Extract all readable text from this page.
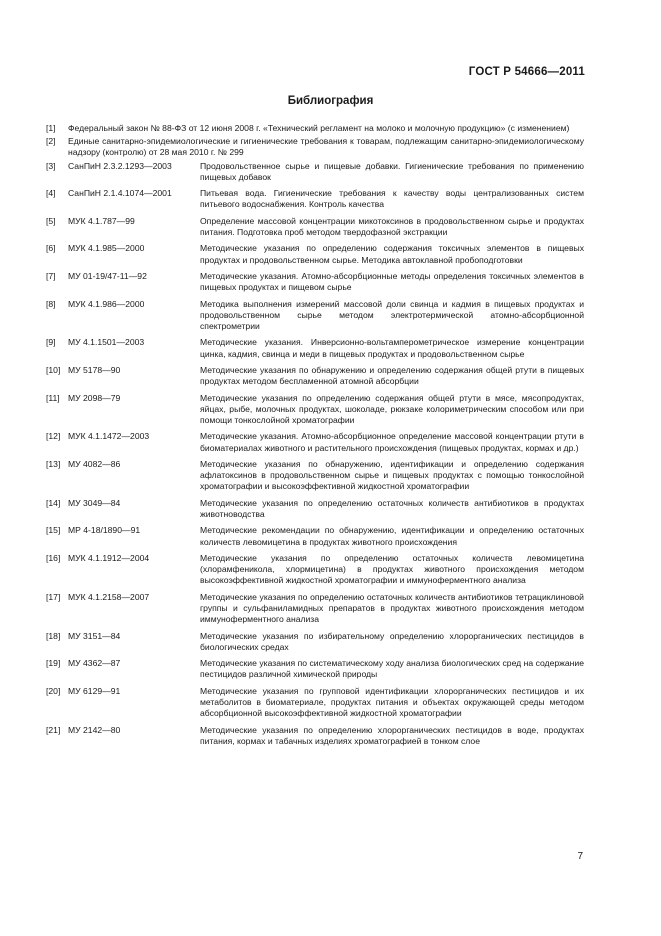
ГОСТ Р 54666—2011
Библиография
[1]	Федеральный закон № 88-ФЗ от 12 июня 2008 г. «Технический регламент на молоко и молочную продукцию» (с изменением)
[2]	Единые санитарно-эпидемиологические и гигиенические требования к товарам, подлежащим санитарно-эпидемиологическому надзору (контролю) от 28 мая 2010 г. № 299
[3]	СанПиН 2.3.2.1293—2003	Продовольственное сырье и пищевые добавки. Гигиенические требования по применению пищевых добавок
[4]	СанПиН 2.1.4.1074—2001	Питьевая вода. Гигиенические требования к качеству воды централизованных систем питьевого водоснабжения. Контроль качества
[5]	МУК 4.1.787—99	Определение массовой концентрации микотоксинов в продовольственном сырье и продуктах питания. Подготовка проб методом твердофазной экстракции
[6]	МУК 4.1.985—2000	Методические указания по определению содержания токсичных элементов в пищевых продуктах и продовольственном сырье. Методика автоклавной пробоподготовки
[7]	МУ 01-19/47-11—92	Методические указания. Атомно-абсорбционные методы определения токсичных элементов в пищевых продуктах и пищевом сырье
[8]	МУК 4.1.986—2000	Методика выполнения измерений массовой доли свинца и кадмия в пищевых продуктах и продовольственном сырье методом электротермической атомно-абсорбционной спектрометрии
[9]	МУ 4.1.1501—2003	Методические указания. Инверсионно-вольтамперометрическое измерение концентрации цинка, кадмия, свинца и меди в пищевых продуктах и продовольственном сырье
[10] МУ 5178—90	Методические указания по обнаружению и определению содержания общей ртути в пищевых продуктах методом беспламенной атомной абсорбции
[11] МУ 2098—79	Методические указания по определению содержания общей ртути в мясе, мясопродуктах, яйцах, рыбе, молочных продуктах, шоколаде, рюкзаке колориметрическим способом или при помощи тонкослойной хроматографии
[12] МУК 4.1.1472—2003	Методические указания. Атомно-абсорбционное определение массовой концентрации ртути в биоматериалах животного и растительного происхождения (пищевых продуктах, кормах и др.)
[13] МУ 4082—86	Методические указания по обнаружению, идентификации и определению содержания афлатоксинов в продовольственном сырье и пищевых продуктах с помощью тонкослойной хроматографии и высокоэффективной жидкостной хроматографии
[14] МУ 3049—84	Методические указания по определению остаточных количеств антибиотиков в продуктах животноводства
[15] МР 4-18/1890—91	Методические рекомендации по обнаружению, идентификации и определению остаточных количеств левомицетина в продуктах животного происхождения
[16] МУК 4.1.1912—2004	Методические указания по определению остаточных количеств левомицетина (хлорамфеникола, хлормицетина) в продуктах животного происхождения методом высокоэффективной жидкостной хроматографии и иммуноферментного анализа
[17] МУК 4.1.2158—2007	Методические указания по определению остаточных количеств антибиотиков тетрациклиновой группы и сульфаниламидных препаратов в продуктах животного происхождения методом иммуноферментного анализа
[18] МУ 3151—84	Методические указания по избирательному определению хлорорганических пестицидов в биологических средах
[19] МУ 4362—87	Методические указания по систематическому ходу анализа биологических сред на содержание пестицидов различной химической природы
[20] МУ 6129—91	Методические указания по групповой идентификации хлорорганических пестицидов и их метаболитов в биоматериале, продуктах питания и объектах окружающей среды методом абсорбционной высокоэффективной жидкостной хроматографии
[21] МУ 2142—80	Методические указания по определению хлорорганических пестицидов в воде, продуктах питания, кормах и табачных изделиях хроматографией в тонком слое
7
